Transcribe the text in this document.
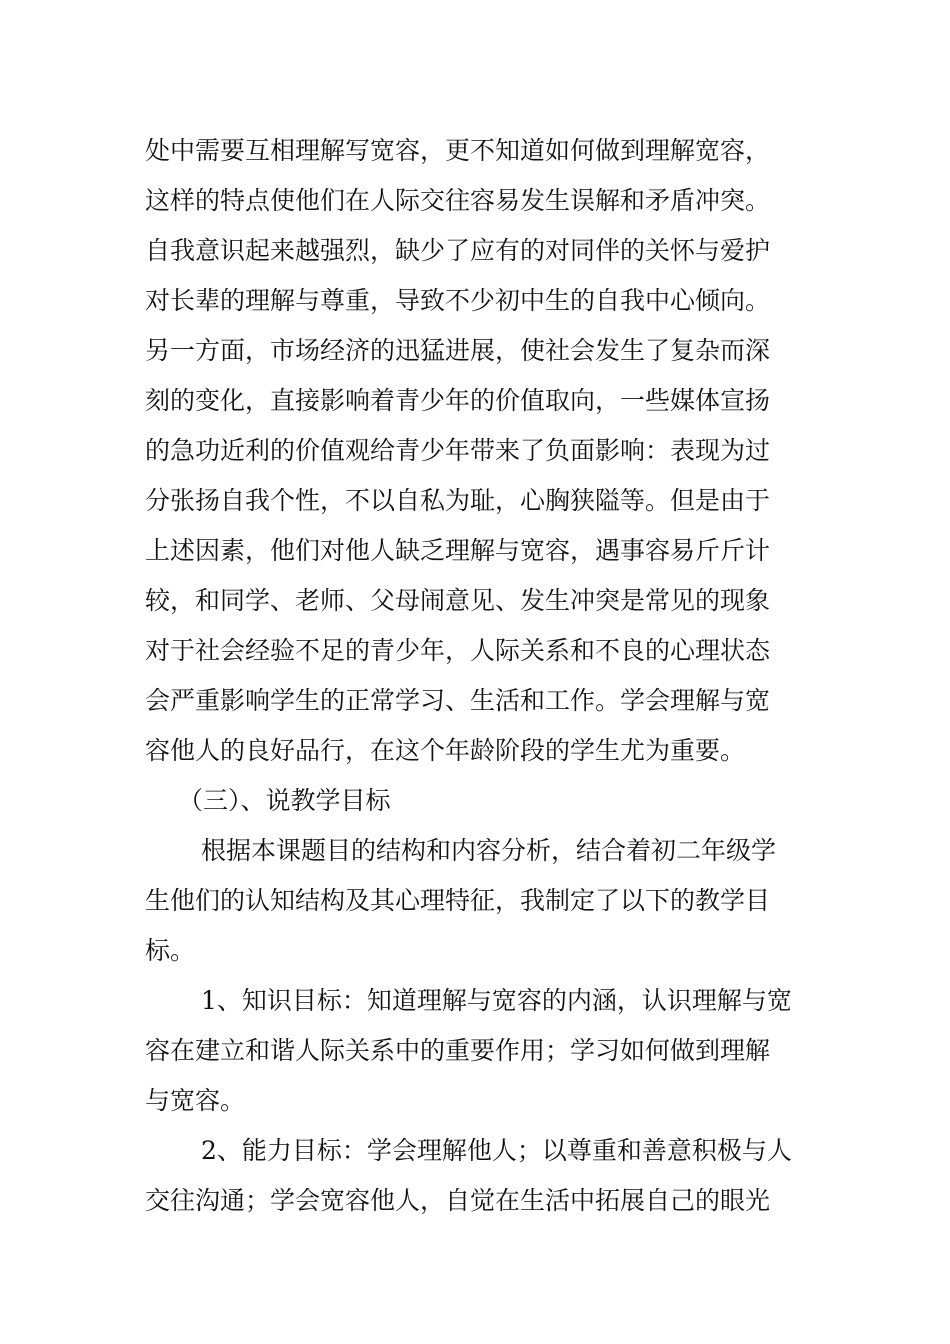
处中需要互相理解写宽容，更不知道如何做到理解宽容，
这样的特点使他们在人际交往容易发生误解和矛盾冲突。
自我意识起来越强烈，缺少了应有的对同伴的关怀与爱护
对长辈的理解与尊重，导致不少初中生的自我中心倾向。
另一方面，市场经济的迅猛进展，使社会发生了复杂而深
刻的变化，直接影响着青少年的价值取向，一些媒体宣扬
的急功近利的价值观给青少年带来了负面影响：表现为过
分张扬自我个性，不以自私为耻，心胸狭隘等。但是由于
上述因素，他们对他人缺乏理解与宽容，遇事容易斤斤计
较，和同学、老师、父母闹意见、发生冲突是常见的现象
对于社会经验不足的青少年，人际关系和不良的心理状态
会严重影响学生的正常学习、生活和工作。学会理解与宽
容他人的良好品行，在这个年龄阶段的学生尤为重要。
（三）、说教学目标
根据本课题目的结构和内容分析，结合着初二年级学
生他们的认知结构及其心理特征，我制定了以下的教学目
标。
1、知识目标：知道理解与宽容的内涵，认识理解与宽
容在建立和谐人际关系中的重要作用；学习如何做到理解
与宽容。
2、能力目标：学会理解他人；以尊重和善意积极与人
交往沟通；学会宽容他人，自觉在生活中拓展自己的眼光
